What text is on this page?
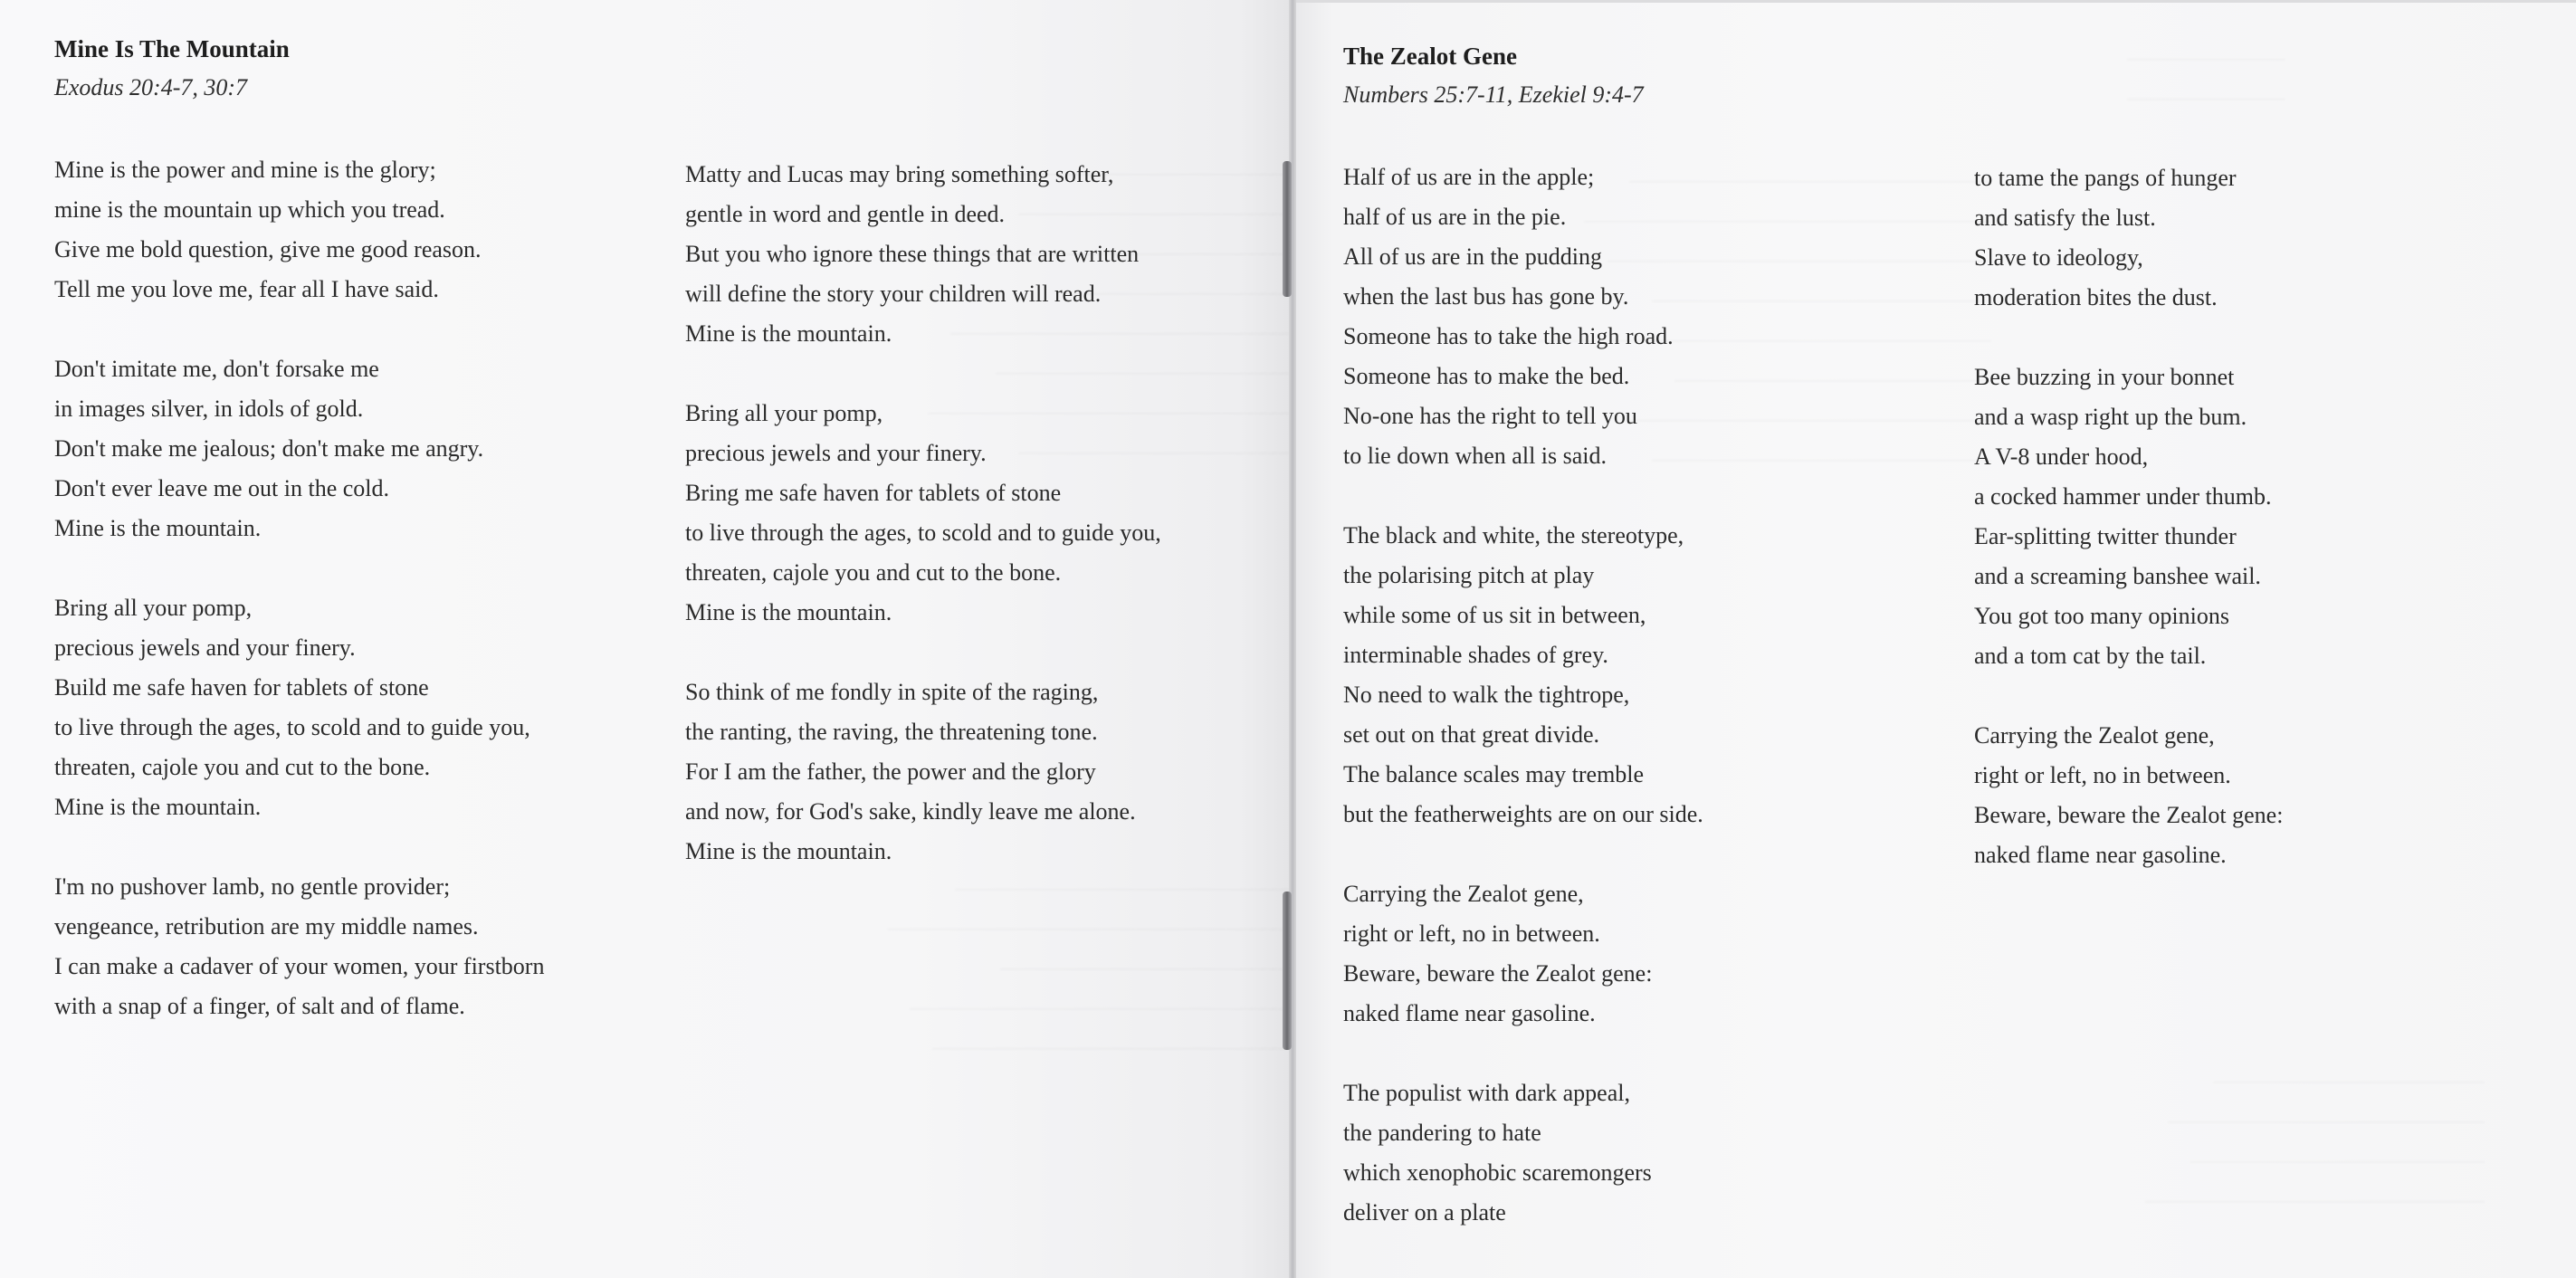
Mine Is The Mountain
Exodus 20:4-7, 30:7
Mine is the power and mine is the glory;
mine is the mountain up which you tread.
Give me bold question, give me good reason.
Tell me you love me, fear all I have said.
Don't imitate me, don't forsake me
in images silver, in idols of gold.
Don't make me jealous; don't make me angry.
Don't ever leave me out in the cold.
Mine is the mountain.
Bring all your pomp,
precious jewels and your finery.
Build me safe haven for tablets of stone
to live through the ages, to scold and to guide you,
threaten, cajole you and cut to the bone.
Mine is the mountain.
I'm no pushover lamb, no gentle provider;
vengeance, retribution are my middle names.
I can make a cadaver of your women, your firstborn
with a snap of a finger, of salt and of flame.
Matty and Lucas may bring something softer,
gentle in word and gentle in deed.
But you who ignore these things that are written
will define the story your children will read.
Mine is the mountain.
Bring all your pomp,
precious jewels and your finery.
Bring me safe haven for tablets of stone
to live through the ages, to scold and to guide you,
threaten, cajole you and cut to the bone.
Mine is the mountain.
So think of me fondly in spite of the raging,
the ranting, the raving, the threatening tone.
For I am the father, the power and the glory
and now, for God's sake, kindly leave me alone.
Mine is the mountain.
The Zealot Gene
Numbers 25:7-11, Ezekiel 9:4-7
Half of us are in the apple;
half of us are in the pie.
All of us are in the pudding
when the last bus has gone by.
Someone has to take the high road.
Someone has to make the bed.
No-one has the right to tell you
to lie down when all is said.
The black and white, the stereotype,
the polarising pitch at play
while some of us sit in between,
interminable shades of grey.
No need to walk the tightrope,
set out on that great divide.
The balance scales may tremble
but the featherweights are on our side.
Carrying the Zealot gene,
right or left, no in between.
Beware, beware the Zealot gene:
naked flame near gasoline.
The populist with dark appeal,
the pandering to hate
which xenophobic scaremongers
deliver on a plate
to tame the pangs of hunger
and satisfy the lust.
Slave to ideology,
moderation bites the dust.
Bee buzzing in your bonnet
and a wasp right up the bum.
A V-8 under hood,
a cocked hammer under thumb.
Ear-splitting twitter thunder
and a screaming banshee wail.
You got too many opinions
and a tom cat by the tail.
Carrying the Zealot gene,
right or left, no in between.
Beware, beware the Zealot gene:
naked flame near gasoline.
